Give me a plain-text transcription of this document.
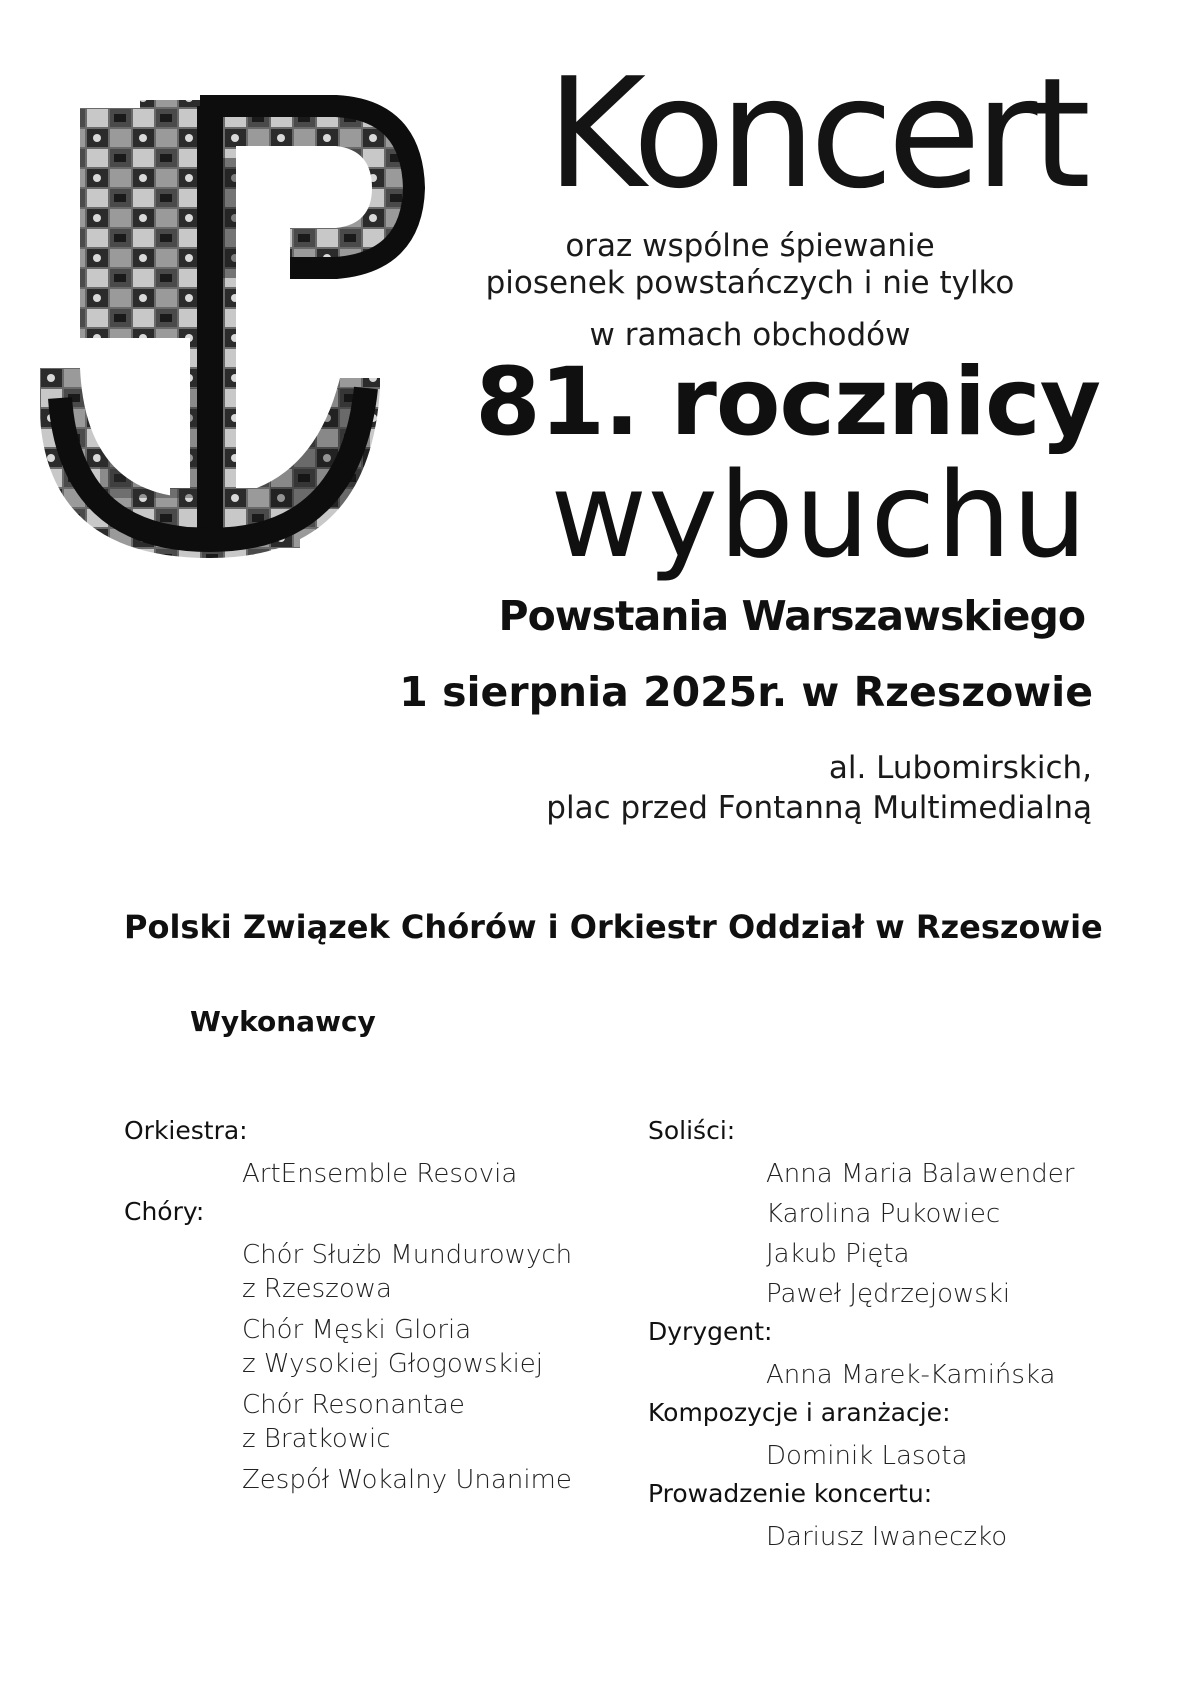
Koncert
oraz wspólne śpiewanie
piosenek powstańczych i nie tylko
w ramach obchodów
81. rocznicy
wybuchu
Powstania Warszawskiego
1 sierpnia 2025r. w Rzeszowie
al. Lubomirskich,
plac przed Fontanną Multimedialną
Polski Związek Chórów i Orkiestr Oddział w Rzeszowie
Wykonawcy

Orkiestra:

ArtEnsemble Resovia

Chóry:

Chór Służb Mundurowych
z Rzeszowa
Chór Męski Gloria
z Wysokiej Głogowskiej
Chór Resonantae
z Bratkowic
Zespół Wokalny Unanime

Soliści:

Anna Maria Balawender
Karolina Pukowiec
Jakub Pięta
Paweł Jędrzejowski

Dyrygent:

Anna Marek-Kamińska

Kompozycje i aranżacje:

Dominik Lasota

Prowadzenie koncertu:

Dariusz Iwaneczko
